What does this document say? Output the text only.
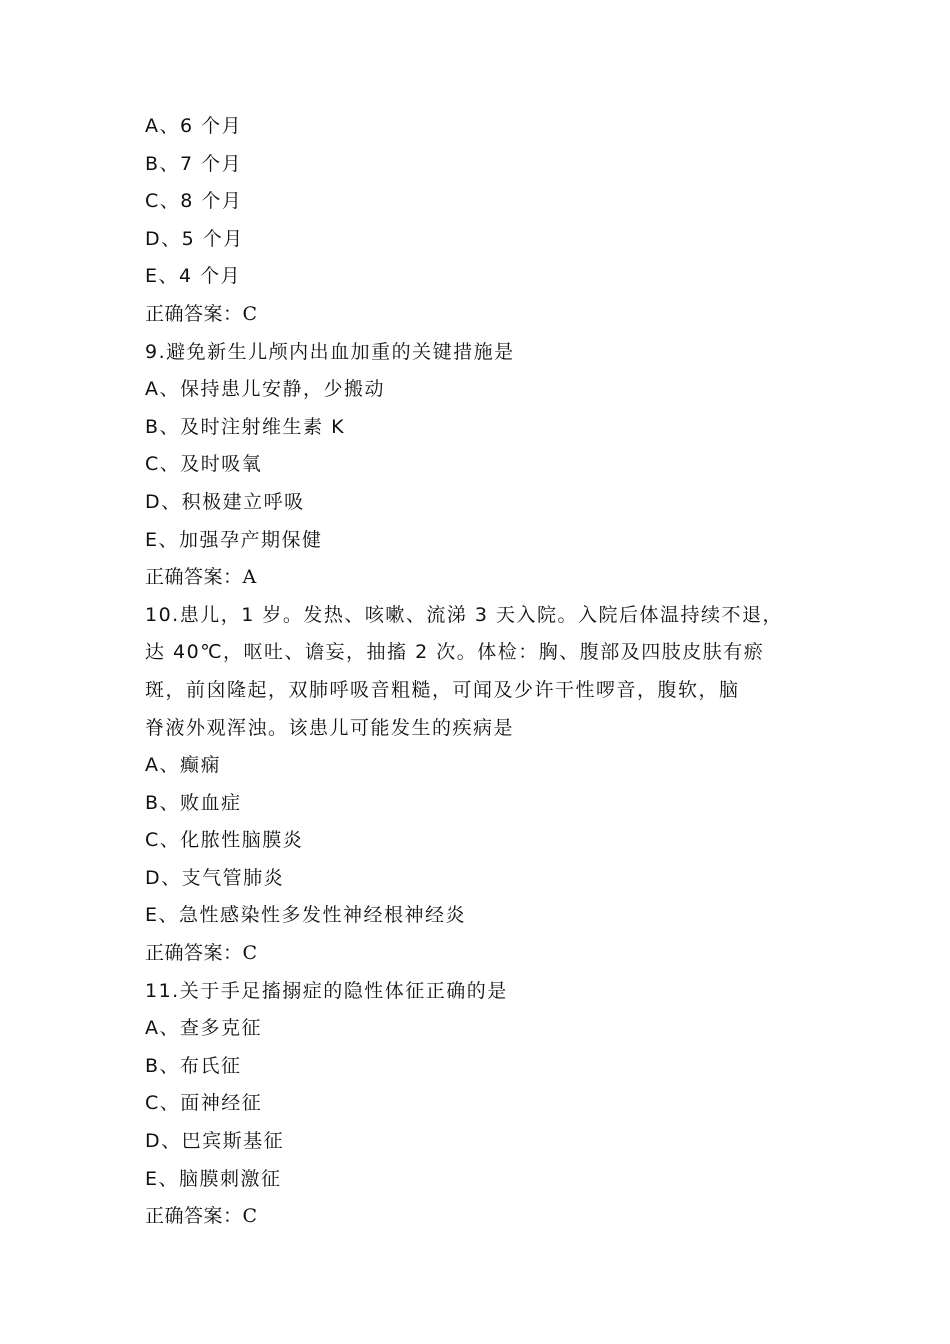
A、6 个月
B、7 个月
C、8 个月
D、5 个月
E、4 个月
正确答案：C
9.避免新生儿颅内出血加重的关键措施是
A、保持患儿安静，少搬动
B、及时注射维生素 K
C、及时吸氧
D、积极建立呼吸
E、加强孕产期保健
正确答案：A
10.患儿，1 岁。发热、咳嗽、流涕 3 天入院。入院后体温持续不退，
达 40℃，呕吐、谵妄，抽搐 2 次。体检：胸、腹部及四肢皮肤有瘀
斑，前囟隆起，双肺呼吸音粗糙，可闻及少许干性啰音，腹软，脑
脊液外观浑浊。该患儿可能发生的疾病是
A、癫痫
B、败血症
C、化脓性脑膜炎
D、支气管肺炎
E、急性感染性多发性神经根神经炎
正确答案：C
11.关于手足搐搦症的隐性体征正确的是
A、查多克征
B、布氏征
C、面神经征
D、巴宾斯基征
E、脑膜刺激征
正确答案：C
